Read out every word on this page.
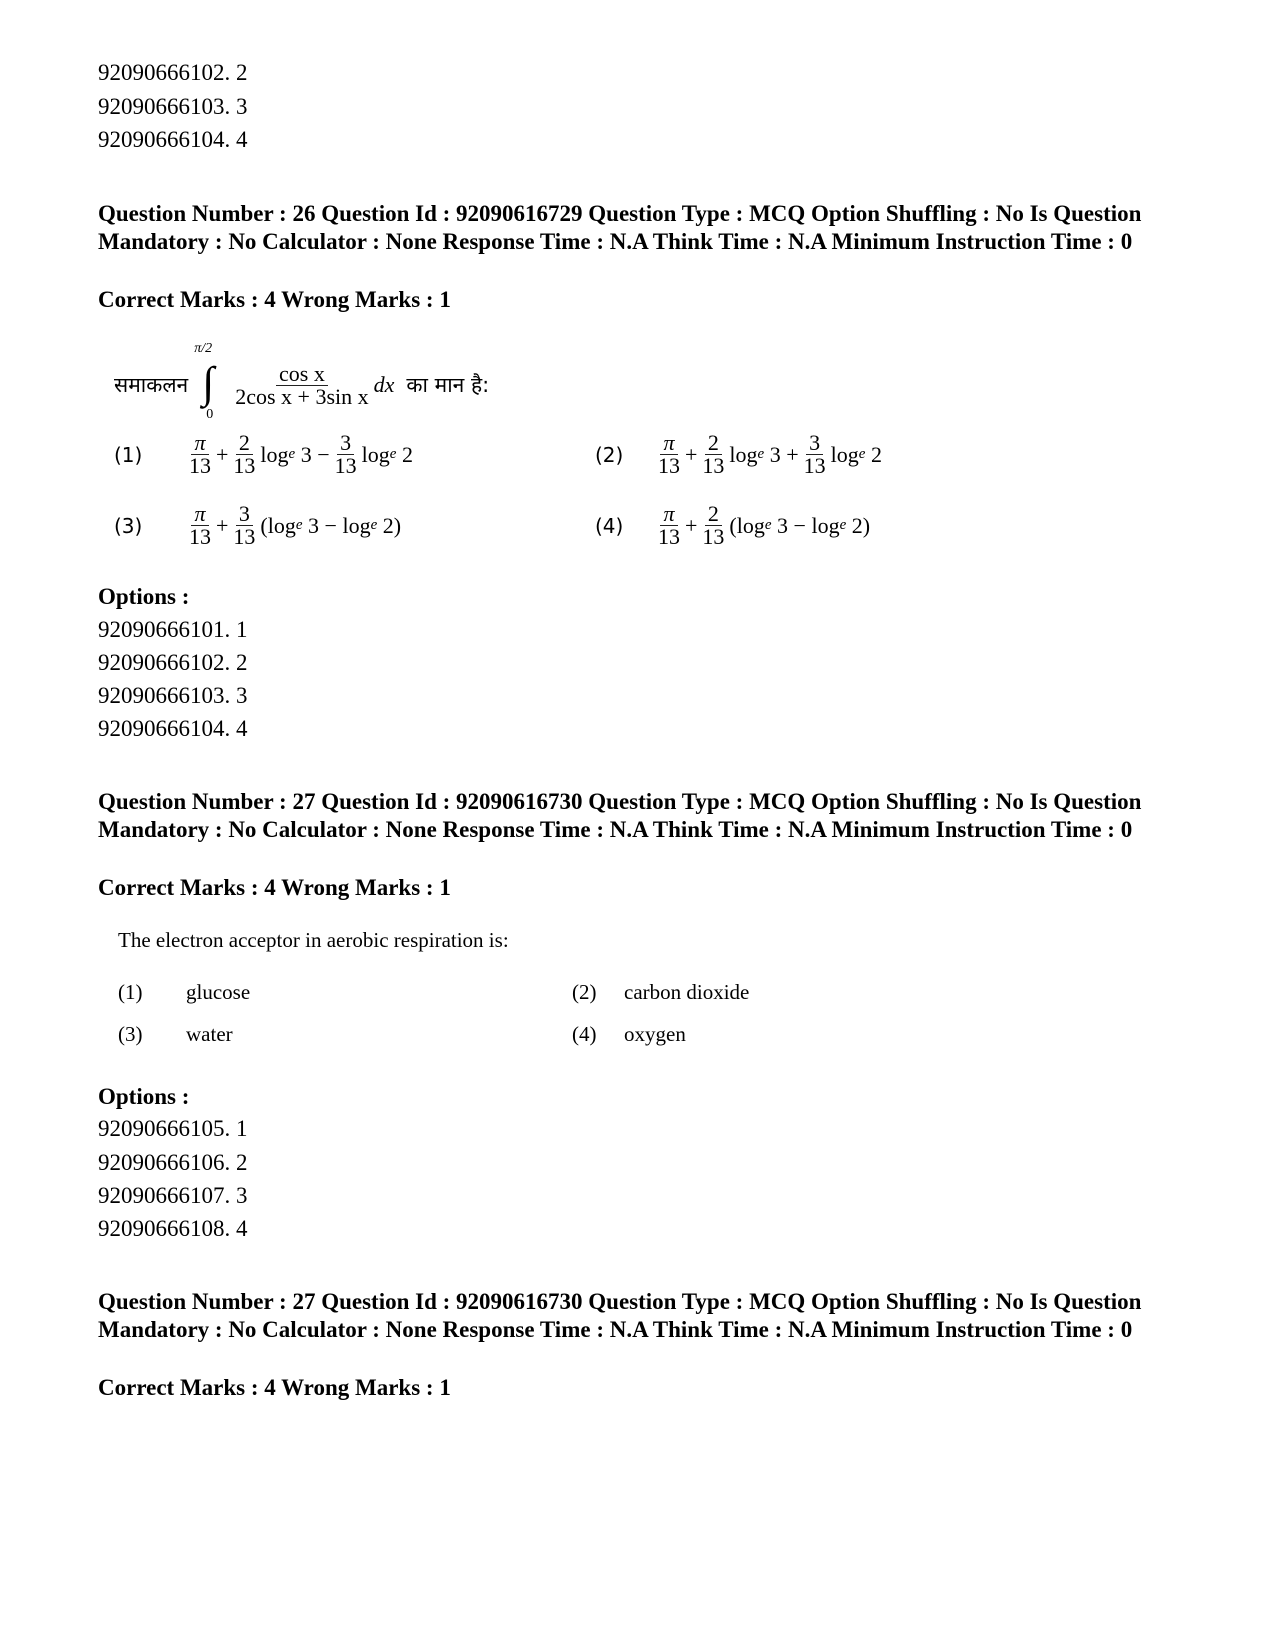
92090666102. 2
92090666103. 3
92090666104. 4
Question Number : 26 Question Id : 92090616729 Question Type : MCQ Option Shuffling : No Is Question Mandatory : No Calculator : None Response Time : N.A Think Time : N.A Minimum Instruction Time : 0
Correct Marks : 4 Wrong Marks : 1
समाकलन
π/2
∫
0
$\frac{\text{cos x}}{\text{2cos x + 3sin x}}$ dx का मान है:
(1)	$\frac{\pi}{13} + \frac{2}{13}$ log e $3 - \frac{3}{13}$ log e 2	(2)	$\frac{\pi}{13} + \frac{2}{13}$ log e $3 + \frac{3}{13}$ log e 2
(3)	$\frac{\pi}{13} + \frac{3}{13} (\log$ e 3 − log e 2)	(4)	$\frac{\pi}{13} + \frac{2}{13} (\log$ e 3 − log e 2)
Options :
92090666101. 1
92090666102. 2
92090666103. 3
92090666104. 4
Question Number : 27 Question Id : 92090616730 Question Type : MCQ Option Shuffling : No Is Question Mandatory : No Calculator : None Response Time : N.A Think Time : N.A Minimum Instruction Time : 0
Correct Marks : 4 Wrong Marks : 1
The electron acceptor in aerobic respiration is:
(1)	glucose	(2)	carbon dioxide
(3)	water	(4)	oxygen
Options :
92090666105. 1
92090666106. 2
92090666107. 3
92090666108. 4
Question Number : 27 Question Id : 92090616730 Question Type : MCQ Option Shuffling : No Is Question Mandatory : No Calculator : None Response Time : N.A Think Time : N.A Minimum Instruction Time : 0
Correct Marks : 4 Wrong Marks : 1
